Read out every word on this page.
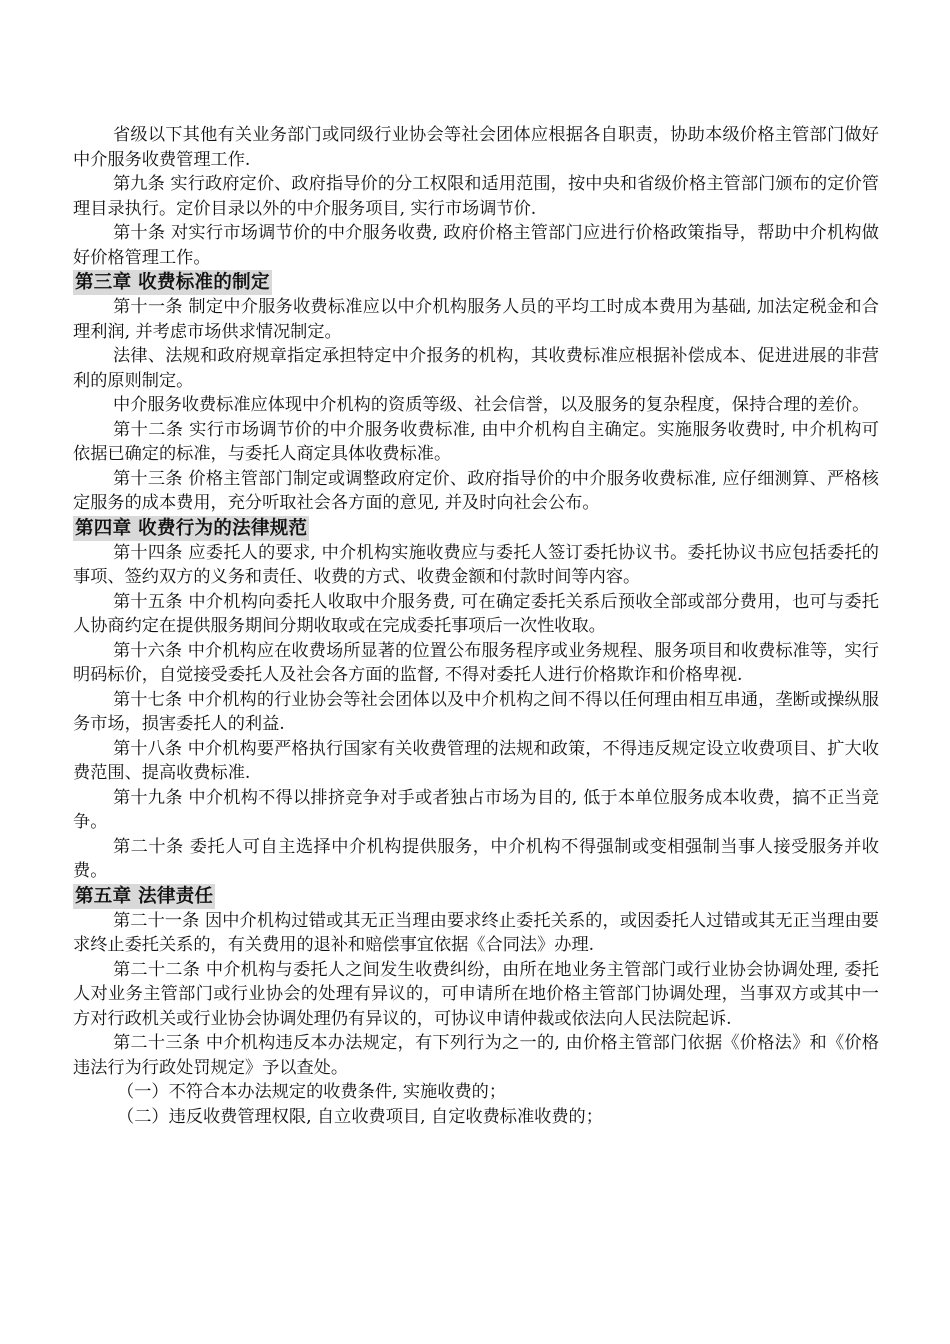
省级以下其他有关业务部门或同级行业协会等社会团体应根据各自职责，协助本级价格主管部门做好中介服务收费管理工作.

第九条 实行政府定价、政府指导价的分工权限和适用范围，按中央和省级价格主管部门颁布的定价管理目录执行。定价目录以外的中介服务项目, 实行市场调节价.

第十条 对实行市场调节价的中介服务收费, 政府价格主管部门应进行价格政策指导，帮助中介机构做好价格管理工作。

第三章 收费标准的制定

第十一条 制定中介服务收费标准应以中介机构服务人员的平均工时成本费用为基础, 加法定税金和合理利润, 并考虑市场供求情况制定。

法律、法规和政府规章指定承担特定中介报务的机构，其收费标准应根据补偿成本、促进进展的非营利的原则制定。

中介服务收费标准应体现中介机构的资质等级、社会信誉，以及服务的复杂程度，保持合理的差价。

第十二条 实行市场调节价的中介服务收费标准, 由中介机构自主确定。实施服务收费时, 中介机构可依据已确定的标准，与委托人商定具体收费标准。

第十三条 价格主管部门制定或调整政府定价、政府指导价的中介服务收费标准, 应仔细测算、严格核定服务的成本费用，充分听取社会各方面的意见, 并及时向社会公布。

第四章 收费行为的法律规范

第十四条 应委托人的要求, 中介机构实施收费应与委托人签订委托协议书。委托协议书应包括委托的事项、签约双方的义务和责任、收费的方式、收费金额和付款时间等内容。

第十五条 中介机构向委托人收取中介服务费, 可在确定委托关系后预收全部或部分费用，也可与委托人协商约定在提供服务期间分期收取或在完成委托事项后一次性收取。

第十六条 中介机构应在收费场所显著的位置公布服务程序或业务规程、服务项目和收费标准等，实行明码标价，自觉接受委托人及社会各方面的监督, 不得对委托人进行价格欺诈和价格卑视.

第十七条 中介机构的行业协会等社会团体以及中介机构之间不得以任何理由相互串通，垄断或操纵服务市场，损害委托人的利益.

第十八条 中介机构要严格执行国家有关收费管理的法规和政策，不得违反规定设立收费项目、扩大收费范围、提高收费标准.

第十九条 中介机构不得以排挤竞争对手或者独占市场为目的, 低于本单位服务成本收费，搞不正当竞争。

第二十条 委托人可自主选择中介机构提供服务，中介机构不得强制或变相强制当事人接受服务并收费。

第五章 法律责任

第二十一条 因中介机构过错或其无正当理由要求终止委托关系的，或因委托人过错或其无正当理由要求终止委托关系的，有关费用的退补和赔偿事宜依据《合同法》办理.

第二十二条 中介机构与委托人之间发生收费纠纷，由所在地业务主管部门或行业协会协调处理, 委托人对业务主管部门或行业协会的处理有异议的，可申请所在地价格主管部门协调处理，当事双方或其中一方对行政机关或行业协会协调处理仍有异议的，可协议申请仲裁或依法向人民法院起诉.

第二十三条 中介机构违反本办法规定，有下列行为之一的, 由价格主管部门依据《价格法》和《价格违法行为行政处罚规定》予以查处。

（一）不符合本办法规定的收费条件, 实施收费的；

（二）违反收费管理权限, 自立收费项目, 自定收费标准收费的；
